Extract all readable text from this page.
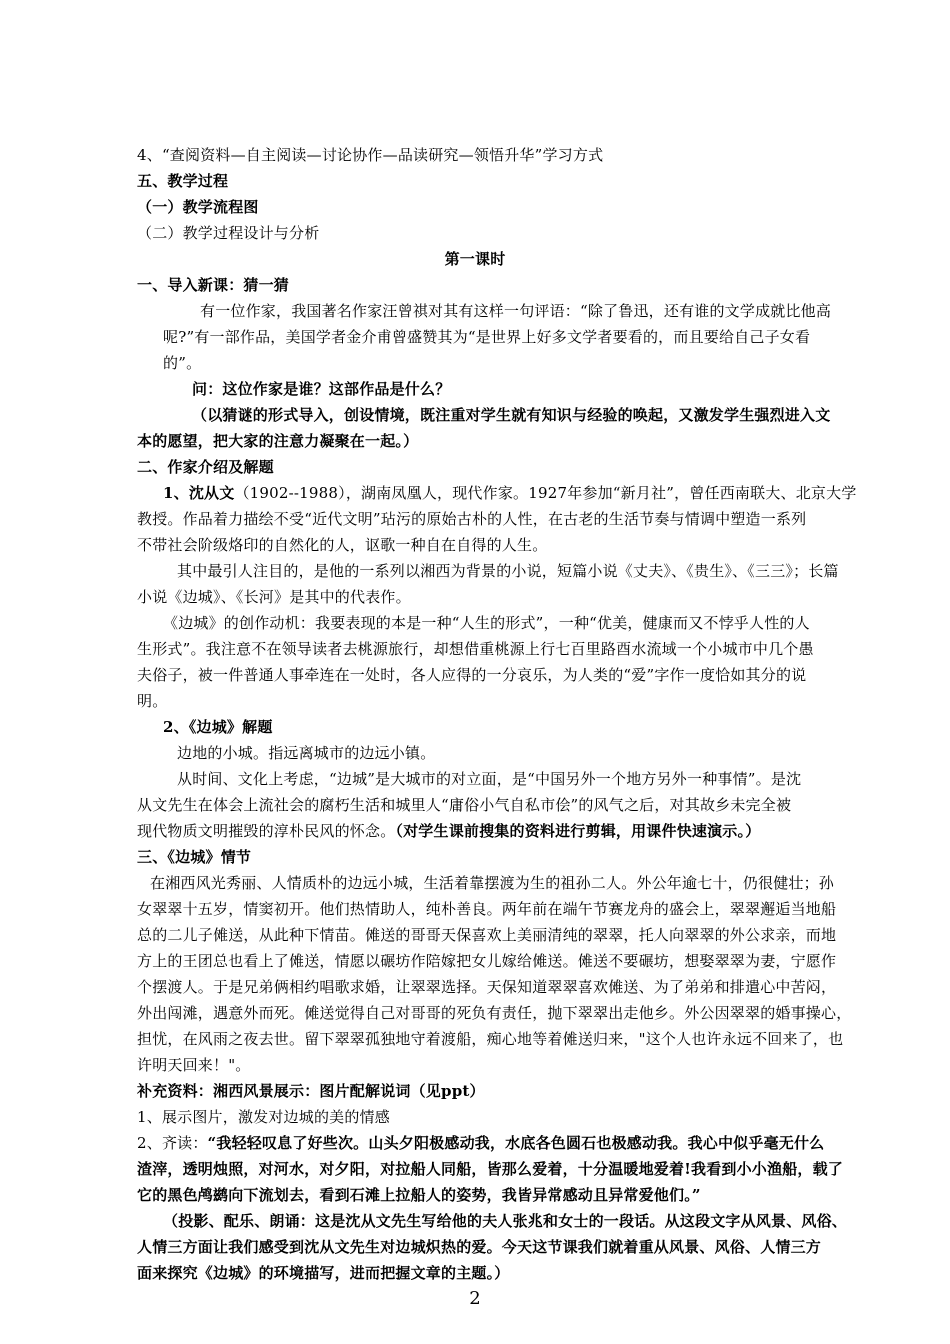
4、“查阅资料—自主阅读—讨论协作—品读研究—领悟升华”学习方式
五、教学过程
（一）教学流程图
（二）教学过程设计与分析
第一课时
一、导入新课：猜一猜
有一位作家，我国著名作家汪曾祺对其有这样一句评语：“除了鲁迅，还有谁的文学成就比他高
呢?”有一部作品，美国学者金介甫曾盛赞其为“是世界上好多文学者要看的，而且要给自己子女看
的”。
问：这位作家是谁？这部作品是什么？
（以猜谜的形式导入，创设情境，既注重对学生就有知识与经验的唤起，又激发学生强烈进入文
本的愿望，把大家的注意力凝聚在一起。）
二、作家介绍及解题
1、沈从文（1902--1988），湖南凤凰人，现代作家。1927年参加“新月社”，曾任西南联大、北京大学
教授。作品着力描绘不受“近代文明”玷污的原始古朴的人性，在古老的生活节奏与情调中塑造一系列
不带社会阶级烙印的自然化的人，讴歌一种自在自得的人生。
其中最引人注目的，是他的一系列以湘西为背景的小说，短篇小说《丈夫》、《贵生》、《三三》；长篇
小说《边城》、《长河》是其中的代表作。
《边城》的创作动机：我要表现的本是一种“人生的形式”，一种“优美，健康而又不悖乎人性的人
生形式”。我注意不在领导读者去桃源旅行，却想借重桃源上行七百里路酉水流域一个小城市中几个愚
夫俗子，被一件普通人事牵连在一处时，各人应得的一分哀乐，为人类的“爱”字作一度恰如其分的说
明。
2、《边城》解题
边地的小城。指远离城市的边远小镇。
从时间、文化上考虑，“边城”是大城市的对立面，是“中国另外一个地方另外一种事情”。是沈
从文先生在体会上流社会的腐朽生活和城里人“庸俗小气自私市侩”的风气之后，对其故乡未完全被
现代物质文明摧毁的淳朴民风的怀念。（对学生课前搜集的资料进行剪辑，用课件快速演示。）
三、《边城》情节
在湘西风光秀丽、人情质朴的边远小城，生活着靠摆渡为生的祖孙二人。外公年逾七十，仍很健壮；孙
女翠翠十五岁，情窦初开。他们热情助人，纯朴善良。两年前在端午节赛龙舟的盛会上，翠翠邂逅当地船
总的二儿子傩送，从此种下情苗。傩送的哥哥天保喜欢上美丽清纯的翠翠，托人向翠翠的外公求亲，而地
方上的王团总也看上了傩送，情愿以碾坊作陪嫁把女儿嫁给傩送。傩送不要碾坊，想娶翠翠为妻，宁愿作
个摆渡人。于是兄弟俩相约唱歌求婚，让翠翠选择。天保知道翠翠喜欢傩送、为了弟弟和排遣心中苦闷，
外出闯滩，遇意外而死。傩送觉得自己对哥哥的死负有责任，抛下翠翠出走他乡。外公因翠翠的婚事操心，
担忧，在风雨之夜去世。留下翠翠孤独地守着渡船，痴心地等着傩送归来，"这个人也许永远不回来了，也
许明天回来！"。
补充资料：湘西风景展示：图片配解说词（见ppt）
1、展示图片，激发对边城的美的情感
2、齐读：“我轻轻叹息了好些次。山头夕阳极感动我，水底各色圆石也极感动我。我心中似乎毫无什么
渣滓，透明烛照，对河水，对夕阳，对拉船人同船，皆那么爱着，十分温暖地爱着!我看到小小渔船，载了
它的黑色鸬鹚向下流划去，看到石滩上拉船人的姿势，我皆异常感动且异常爱他们。”
（投影、配乐、朗诵：这是沈从文先生写给他的夫人张兆和女士的一段话。从这段文字从风景、风俗、
人情三方面让我们感受到沈从文先生对边城炽热的爱。今天这节课我们就着重从风景、风俗、人情三方
面来探究《边城》的环境描写，进而把握文章的主题。）
2
